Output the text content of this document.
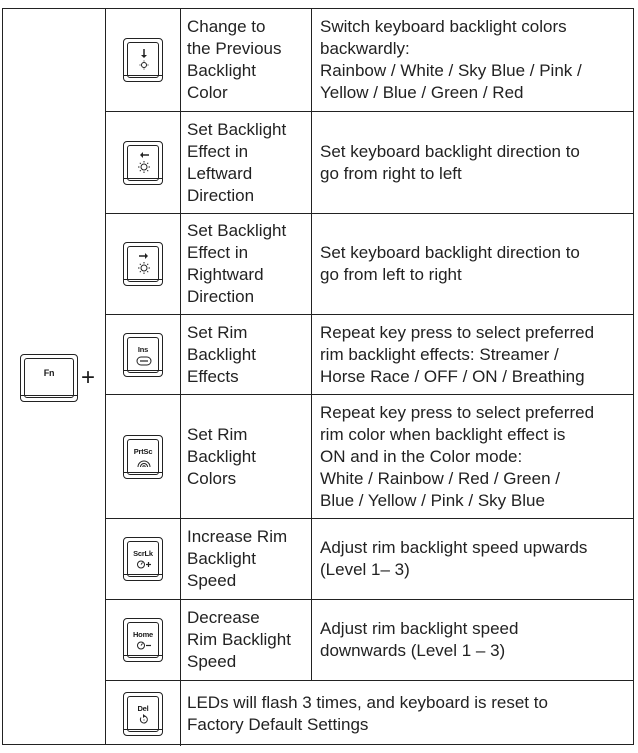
Fn	+
Change to
the Previous
Backlight
Color
Switch keyboard backlight colors
backwardly:
Rainbow / White / Sky Blue / Pink /
Yellow / Blue / Green / Red
Set Backlight
Effect in
Leftward
Direction
Set keyboard backlight direction to
go from right to left
Set Backlight
Effect in
Rightward
Direction
Set keyboard backlight direction to
go from left to right
Ins
Set Rim
Backlight
Effects
Repeat key press to select preferred
rim backlight effects: Streamer /
Horse Race / OFF / ON / Breathing
PrtSc
Set Rim
Backlight
Colors
Repeat key press to select preferred
rim color when backlight effect is
ON and in the Color mode:
White / Rainbow / Red / Green /
Blue / Yellow / Pink / Sky Blue
ScrLk
Increase Rim
Backlight
Speed
Adjust rim backlight speed upwards
(Level 1– 3)
Home
Decrease
Rim Backlight
Speed
Adjust rim backlight speed
downwards (Level 1 – 3)
Del	LEDs will flash 3 times, and keyboard is reset to
Factory Default Settings
